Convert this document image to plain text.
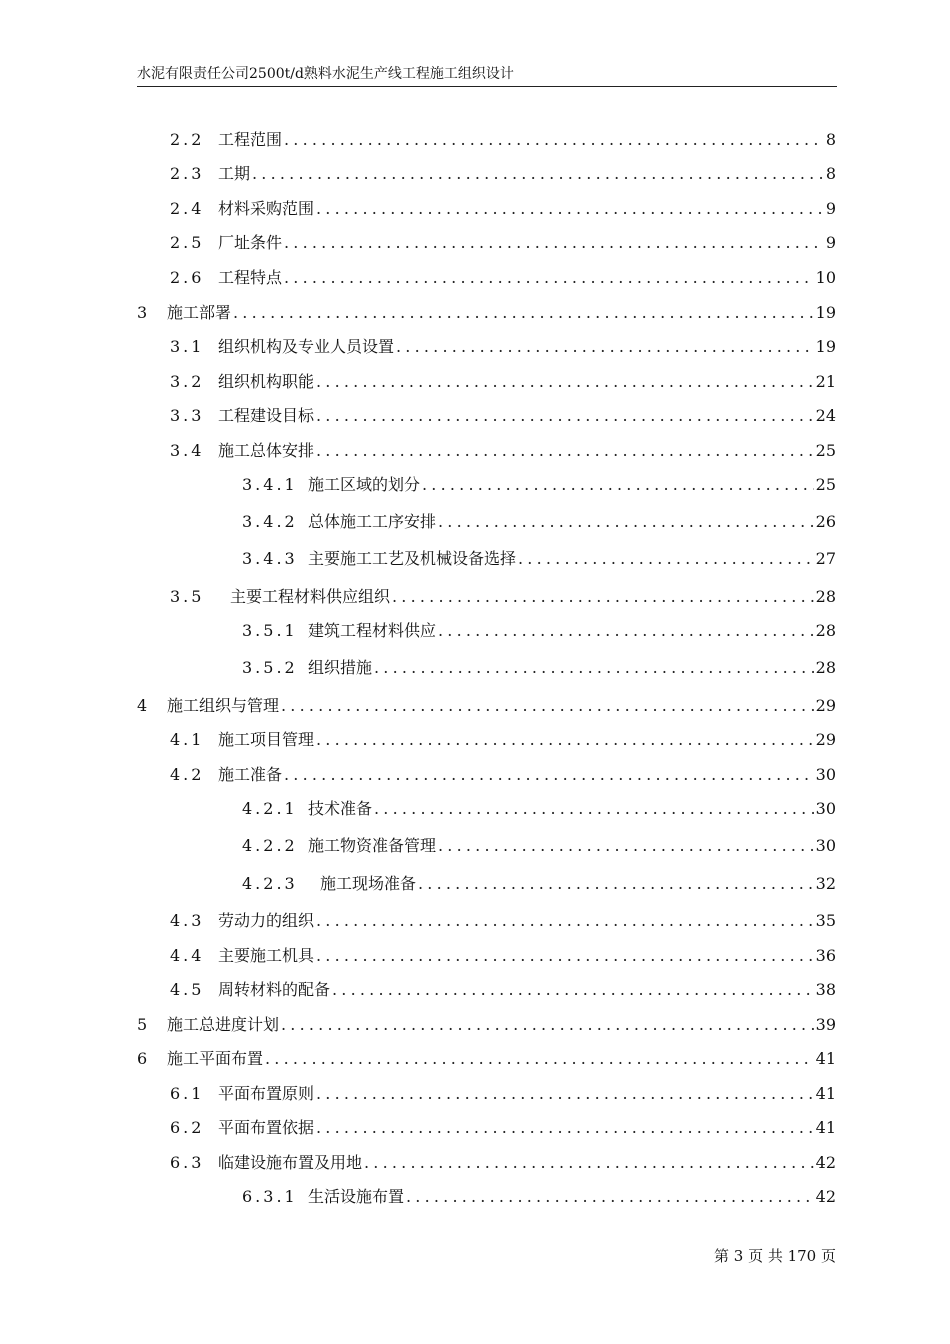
水泥有限责任公司2500t/d熟料水泥生产线工程施工组织设计
2.2 工程范围 .....	8
2.3 工期 .....	8
2.4 材料采购范围 .....	9
2.5 厂址条件 .....	9
2.6 工程特点 .....	10
3	施工部署 .....	19
3.1 组织机构及专业人员设置 .....	19
3.2 组织机构职能 .....	21
3.3 工程建设目标 .....	24
3.4 施工总体安排 .....	25
3.4.1 施工区域的划分 .....	25
3.4.2 总体施工工序安排 .....	26
3.4.3 主要施工工艺及机械设备选择 .....	27
3.5	主要工程材料供应组织 .....	28
3.5.1 建筑工程材料供应 .....	28
3.5.2 组织措施 .....	28
4	施工组织与管理 .....	29
4.1 施工项目管理 .....	29
4.2 施工准备 .....	30
4.2.1 技术准备 .....	30
4.2.2 施工物资准备管理 .....	30
4.2.3	施工现场准备 .....	32
4.3 劳动力的组织 .....	35
4.4 主要施工机具 .....	36
4.5 周转材料的配备 .....	38
5	施工总进度计划 .....	39
6	施工平面布置 .....	41
6.1 平面布置原则 .....	41
6.2 平面布置依据 .....	41
6.3 临建设施布置及用地 .....	42
6.3.1 生活设施布置 .....	42
第 3 页 共 170 页
